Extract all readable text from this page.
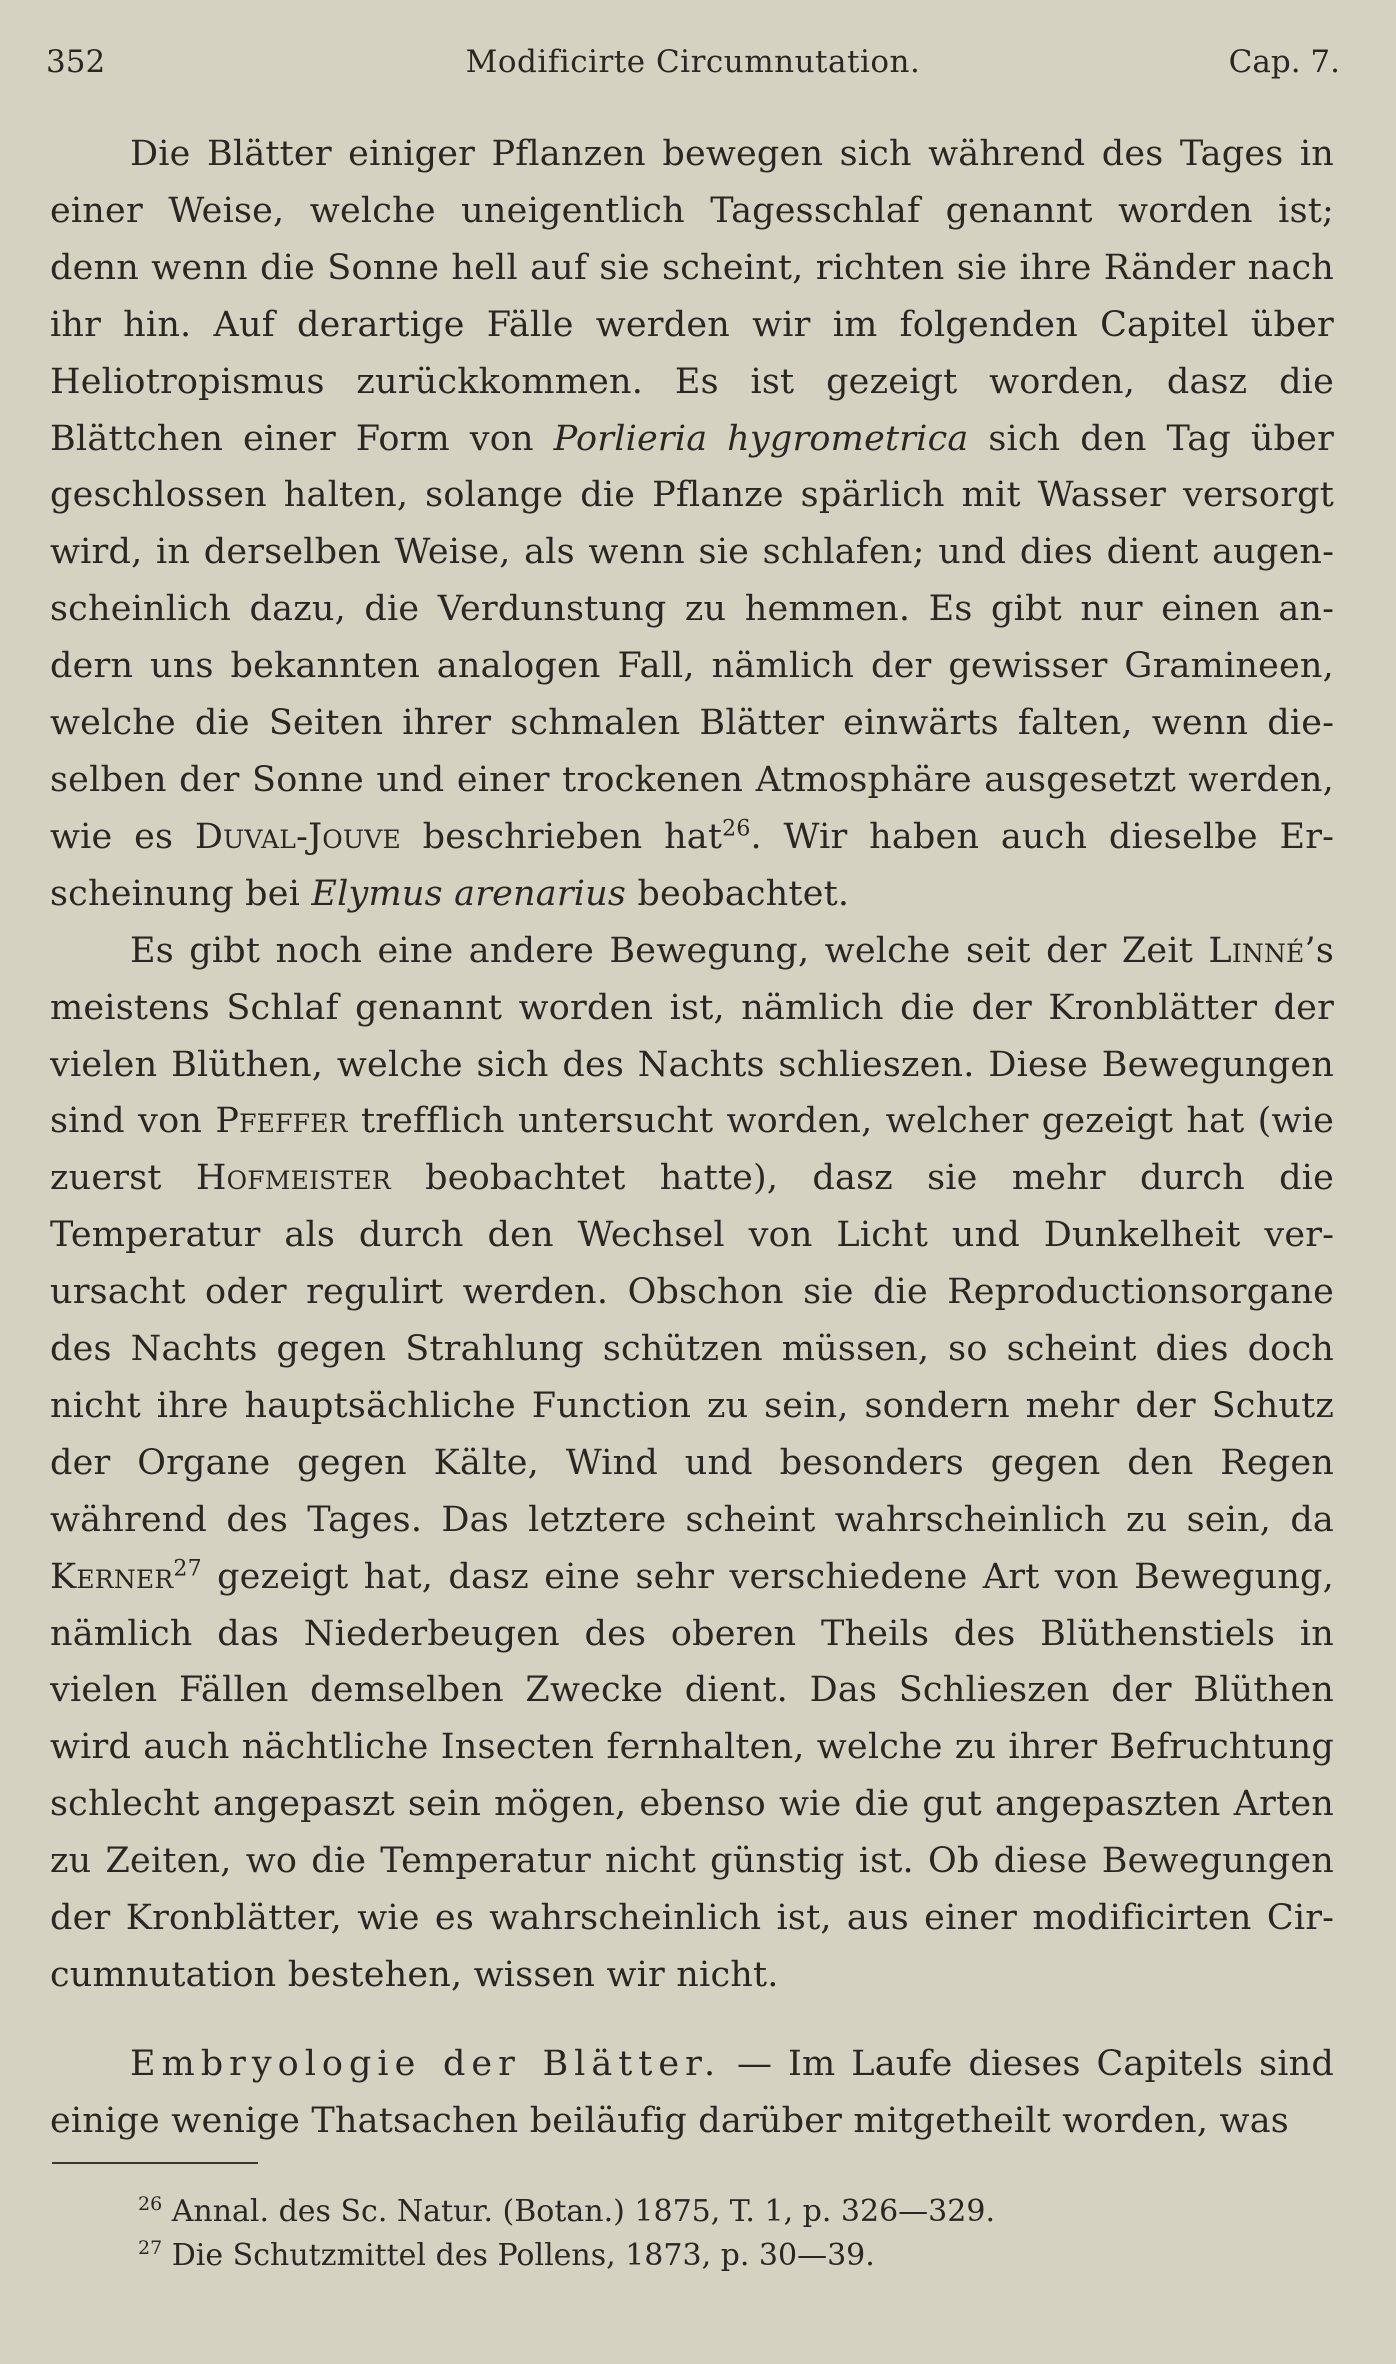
352	Modificirte Circumnutation.	Cap. 7.

Die Blätter einiger Pflanzen bewegen sich während des Tages in einer Weise, welche uneigentlich Tagesschlaf genannt worden ist; denn wenn die Sonne hell auf sie scheint, richten sie ihre Ränder nach ihr hin. Auf derartige Fälle werden wir im folgenden Capitel über Heliotropismus zurückkommen. Es ist gezeigt worden, dasz die Blättchen einer Form von Porlieria hygrometrica sich den Tag über geschlossen halten, solange die Pflanze spärlich mit Wasser versorgt wird, in derselben Weise, als wenn sie schlafen; und dies dient augenscheinlich dazu, die Verdunstung zu hemmen. Es gibt nur einen andern uns bekannten analogen Fall, nämlich der gewisser Gramineen, welche die Seiten ihrer schmalen Blätter einwärts falten, wenn dieselben der Sonne und einer trockenen Atmosphäre ausgesetzt werden, wie es Duval-Jouve beschrieben hat$^{26}$. Wir haben auch dieselbe Erscheinung bei Elymus arenarius beobachtet.

Es gibt noch eine andere Bewegung, welche seit der Zeit Linné’s meistens Schlaf genannt worden ist, nämlich die der Kronblätter der vielen Blüthen, welche sich des Nachts schlieszen. Diese Bewegungen sind von Pfeffer trefflich untersucht worden, welcher gezeigt hat (wie zuerst Hofmeister beobachtet hatte), dasz sie mehr durch die Temperatur als durch den Wechsel von Licht und Dunkelheit verursacht oder regulirt werden. Obschon sie die Reproductionsorgane des Nachts gegen Strahlung schützen müssen, so scheint dies doch nicht ihre hauptsächliche Function zu sein, sondern mehr der Schutz der Organe gegen Kälte, Wind und besonders gegen den Regen während des Tages. Das letztere scheint wahrscheinlich zu sein, da Kerner$^{27}$ gezeigt hat, dasz eine sehr verschiedene Art von Bewegung, nämlich das Niederbeugen des oberen Theils des Blüthenstiels in vielen Fällen demselben Zwecke dient. Das Schlieszen der Blüthen wird auch nächtliche Insecten fernhalten, welche zu ihrer Befruchtung schlecht angepaszt sein mögen, ebenso wie die gut angepaszten Arten zu Zeiten, wo die Temperatur nicht günstig ist. Ob diese Bewegungen der Kronblätter, wie es wahrscheinlich ist, aus einer modificirten Circumnutation bestehen, wissen wir nicht.

Embryologie der Blätter. — Im Laufe dieses Capitels sind einige wenige Thatsachen beiläufig darüber mitgetheilt worden, was

$^{26}$ Annal. des Sc. Natur. (Botan.) 1875, T. 1, p. 326—329.
$^{27}$ Die Schutzmittel des Pollens, 1873, p. 30—39.
